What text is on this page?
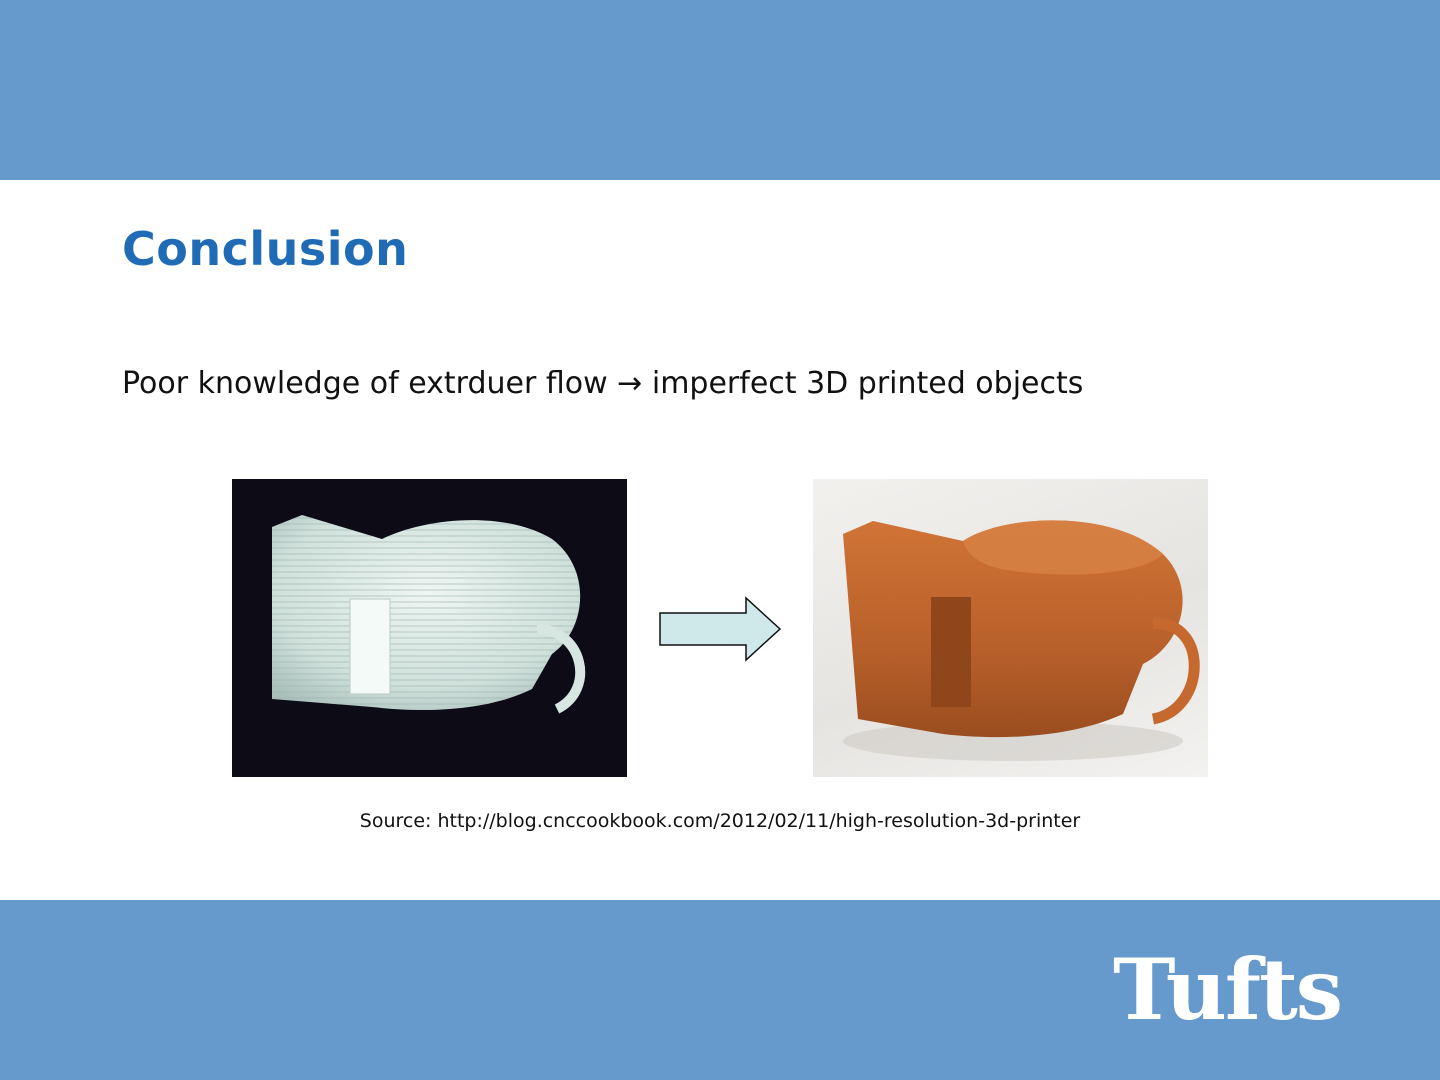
Conclusion

Poor knowledge of extrduer flow → imperfect 3D printed objects

Source: http://blog.cnccookbook.com/2012/02/11/high-resolution-3d-printer

Tufts
